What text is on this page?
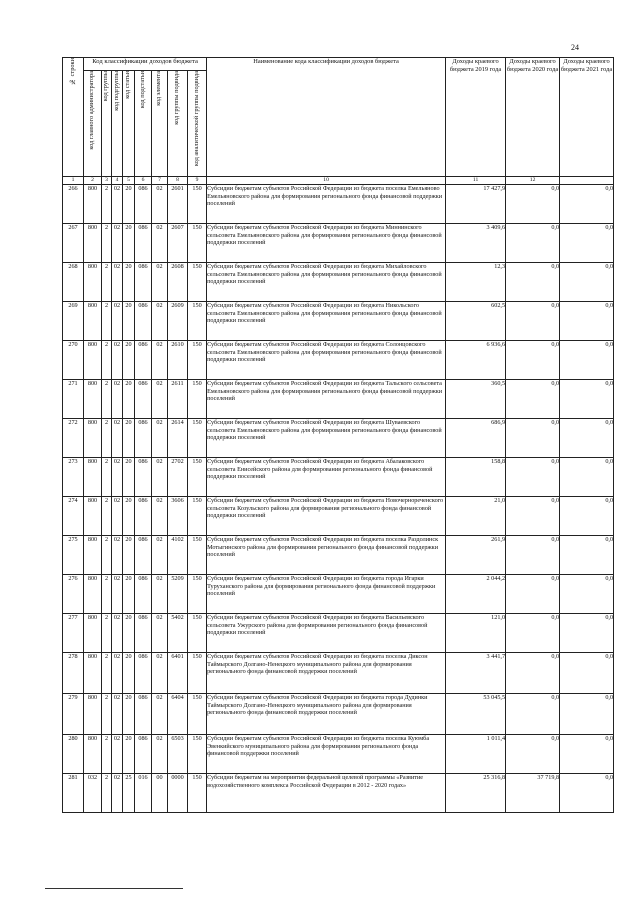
24
№ строки	Код классификации доходов бюджета								Наименование кода классификации доходов бюджета	Доходы краевого бюджета 2019 года	Доходы краевого бюджета 2020 года	Доходы краевого бюджета 2021 года

	код главного администратора	код группы	код подгруппы	код статьи	код подстатьи	код элемента	код группы подвида	код аналитической группы подвида				

1	2	3	4	5	6	7	8	9	10	11	12	
266	800	2	02	20	086	02	2601	150	Субсидии бюджетам субъектов Российской Федерации из бюджета поселка Емельяново Емельяновского района для формирования регионального фонда финансовой поддержки поселений	17 427,9	0,0	0,0
267	800	2	02	20	086	02	2607	150	Субсидии бюджетам субъектов Российской Федерации из бюджета Миннинского сельсовета Емельяновского района для формирования регионального фонда финансовой поддержки поселений	3 409,6	0,0	0,0
268	800	2	02	20	086	02	2608	150	Субсидии бюджетам субъектов Российской Федерации из бюджета Михайловского сельсовета Емельяновского района для формирования регионального фонда финансовой поддержки поселений	12,3	0,0	0,0
269	800	2	02	20	086	02	2609	150	Субсидии бюджетам субъектов Российской Федерации из бюджета Никольского сельсовета Емельяновского района для формирования регионального фонда финансовой поддержки поселений	602,5	0,0	0,0
270	800	2	02	20	086	02	2610	150	Субсидии бюджетам субъектов Российской Федерации из бюджета Солонцовского сельсовета Емельяновского района для формирования регионального фонда финансовой поддержки поселений	6 936,6	0,0	0,0
271	800	2	02	20	086	02	2611	150	Субсидии бюджетам субъектов Российской Федерации из бюджета Тальского сельсовета Емельяновского района для формирования регионального фонда финансовой поддержки поселений	360,5	0,0	0,0
272	800	2	02	20	086	02	2614	150	Субсидии бюджетам субъектов Российской Федерации из бюджета Шуваевского сельсовета Емельяновского района для формирования регионального фонда финансовой поддержки поселений	686,9	0,0	0,0
273	800	2	02	20	086	02	2702	150	Субсидии бюджетам субъектов Российской Федерации из бюджета Абалаковского сельсовета Енисейского района для формирования регионального фонда финансовой поддержки поселений	158,8	0,0	0,0
274	800	2	02	20	086	02	3606	150	Субсидии бюджетам субъектов Российской Федерации из бюджета Новочернореченского сельсовета Козульского района для формирования регионального фонда финансовой поддержки поселений	21,0	0,0	0,0
275	800	2	02	20	086	02	4102	150	Субсидии бюджетам субъектов Российской Федерации из бюджета поселка Раздолинск Мотыгинского района для формирования регионального фонда финансовой поддержки поселений	261,9	0,0	0,0
276	800	2	02	20	086	02	5209	150	Субсидии бюджетам субъектов Российской Федерации из бюджета города Игарки Туруханского района для формирования регионального фонда финансовой поддержки поселений	2 044,2	0,0	0,0
277	800	2	02	20	086	02	5402	150	Субсидии бюджетам субъектов Российской Федерации из бюджета Васильевского сельсовета Ужурского района для формирования регионального фонда финансовой поддержки поселений	121,0	0,0	0,0
278	800	2	02	20	086	02	6401	150	Субсидии бюджетам субъектов Российской Федерации из бюджета поселка Диксон Таймырского Долгано-Ненецкого муниципального района для формирования регионального фонда финансовой поддержки поселений	3 441,7	0,0	0,0
279	800	2	02	20	086	02	6404	150	Субсидии бюджетам субъектов Российской Федерации из бюджета города Дудинки Таймырского Долгано-Ненецкого муниципального района для формирования регионального фонда финансовой поддержки поселений	53 045,5	0,0	0,0
280	800	2	02	20	086	02	6503	150	Субсидии бюджетам субъектов Российской Федерации из бюджета поселка Куюмба Эвенкийского муниципального района для формирования регионального фонда финансовой поддержки поселений	1 011,4	0,0	0,0
281	032	2	02	25	016	00	0000	150	Субсидии бюджетам на мероприятия федеральной целевой программы «Развитие водохозяйственного комплекса Российской Федерации в 2012 - 2020 годах»	25 316,8	37 719,8	0,0
